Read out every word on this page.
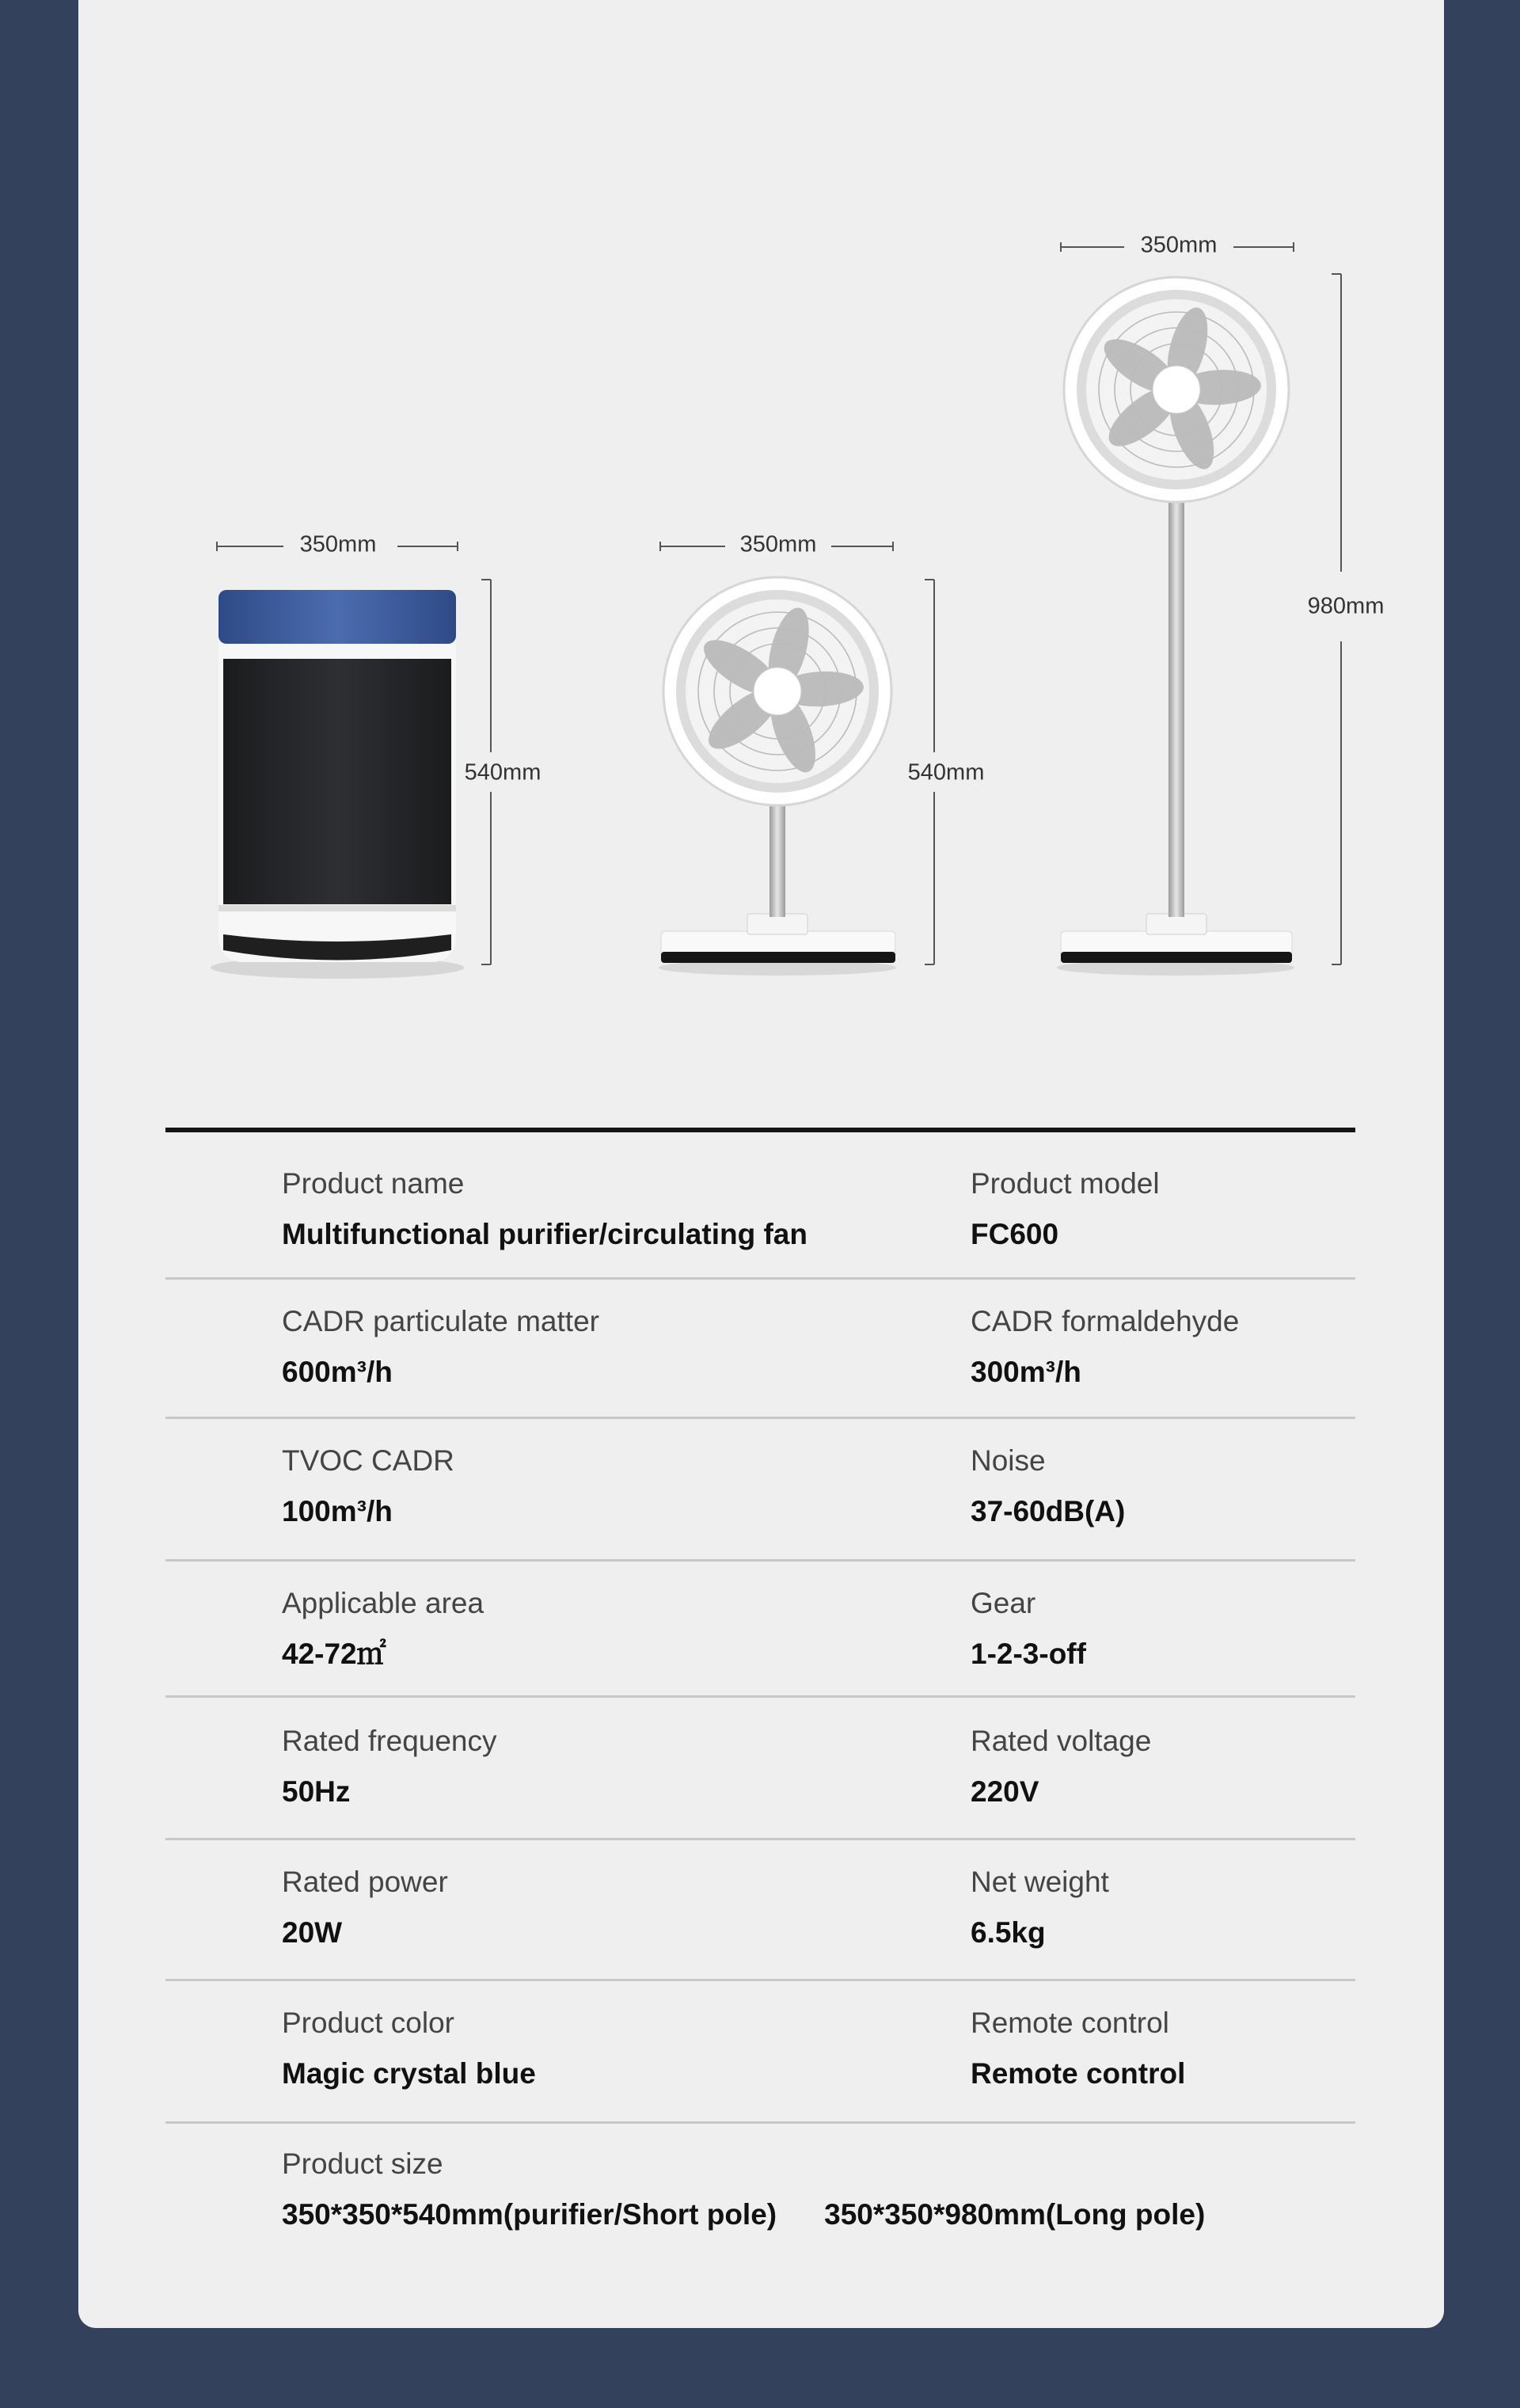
350mm
540mm
350mm
540mm
350mm
980mm
Product name
Multifunctional purifier/circulating fan
Product model
FC600
CADR particulate matter
600m³/h
CADR formaldehyde
300m³/h
TVOC CADR
100m³/h
Noise
37-60dB(A)
Applicable area
42-72㎡
Gear
1-2-3-off
Rated frequency
50Hz
Rated voltage
220V
Rated power
20W
Net weight
6.5kg
Product color
Magic crystal blue
Remote control
Remote control
Product size
350*350*540mm(purifier/Short pole) 350*350*980mm(Long pole)
